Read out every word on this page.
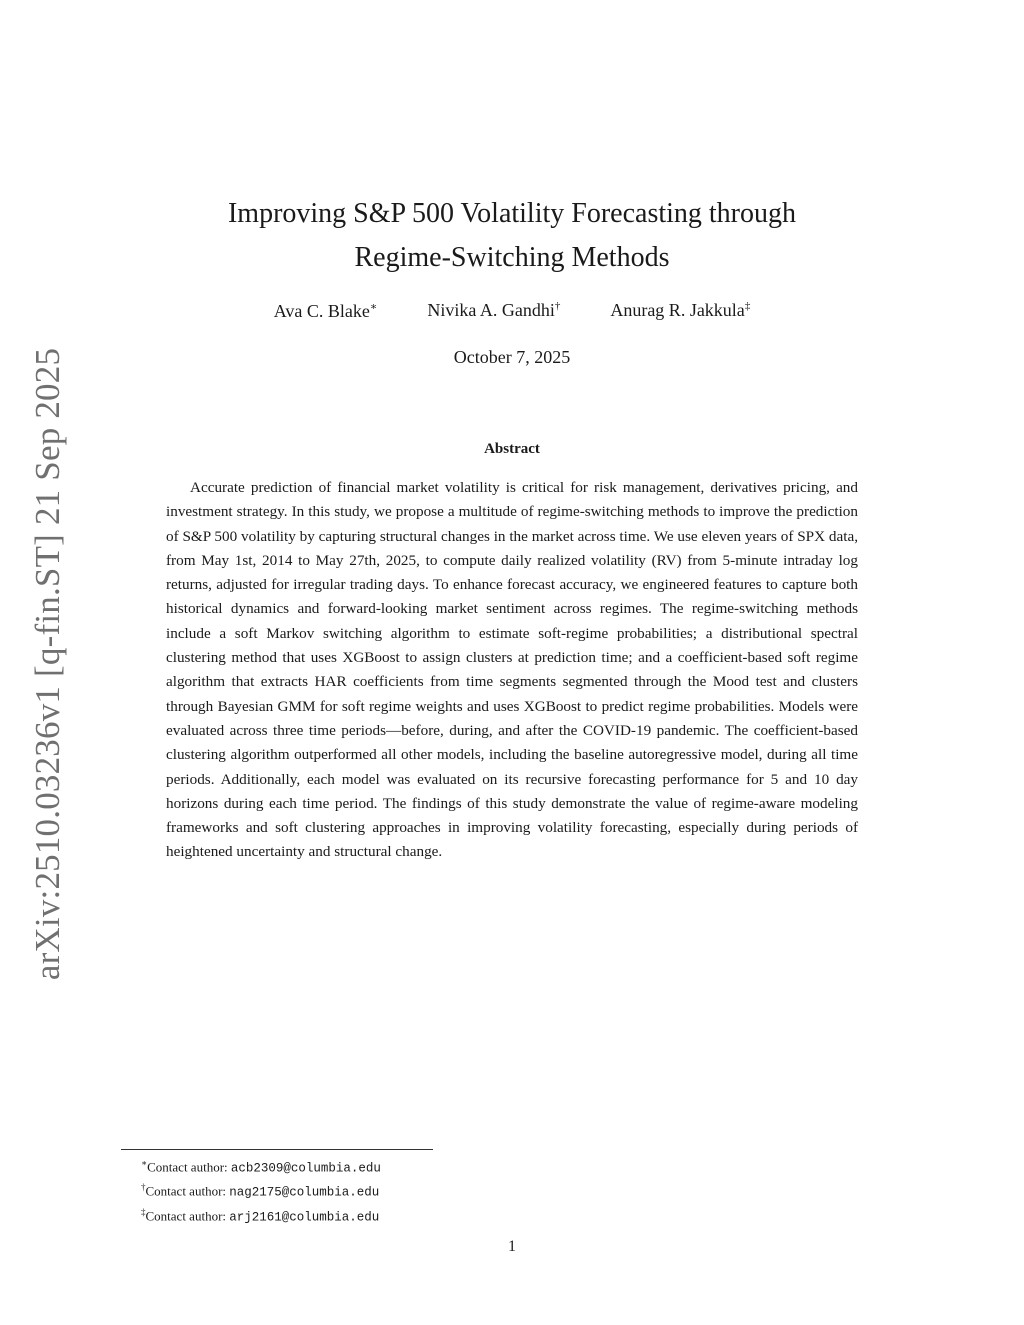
arXiv:2510.03236v1 [q-fin.ST] 21 Sep 2025
Improving S&P 500 Volatility Forecasting through
Regime-Switching Methods
Ava C. Blake∗	Nivika A. Gandhi†	Anurag R. Jakkula‡
October 7, 2025
Abstract

Accurate prediction of financial market volatility is critical for risk management, derivatives pricing, and investment strategy. In this study, we propose a multitude of regime-switching methods to improve the prediction of S&P 500 volatility by capturing structural changes in the market across time. We use eleven years of SPX data, from May 1st, 2014 to May 27th, 2025, to compute daily realized volatility (RV) from 5-minute intraday log returns, adjusted for irregular trading days. To enhance forecast accuracy, we engineered features to capture both historical dynamics and forward-looking market sentiment across regimes. The regime-switching methods include a soft Markov switching algorithm to estimate soft-regime probabilities; a distributional spectral clustering method that uses XGBoost to assign clusters at prediction time; and a coefficient-based soft regime algorithm that extracts HAR coefficients from time segments segmented through the Mood test and clusters through Bayesian GMM for soft regime weights and uses XGBoost to predict regime probabilities. Models were evaluated across three time periods—before, during, and after the COVID-19 pandemic. The coefficient-based clustering algorithm outperformed all other models, including the baseline autoregressive model, during all time periods. Additionally, each model was evaluated on its recursive forecasting performance for 5 and 10 day horizons during each time period. The findings of this study demonstrate the value of regime-aware modeling frameworks and soft clustering approaches in improving volatility forecasting, especially during periods of heightened uncertainty and structural change.

∗Contact author: acb2309@columbia.edu
†Contact author: nag2175@columbia.edu
‡Contact author: arj2161@columbia.edu
1
